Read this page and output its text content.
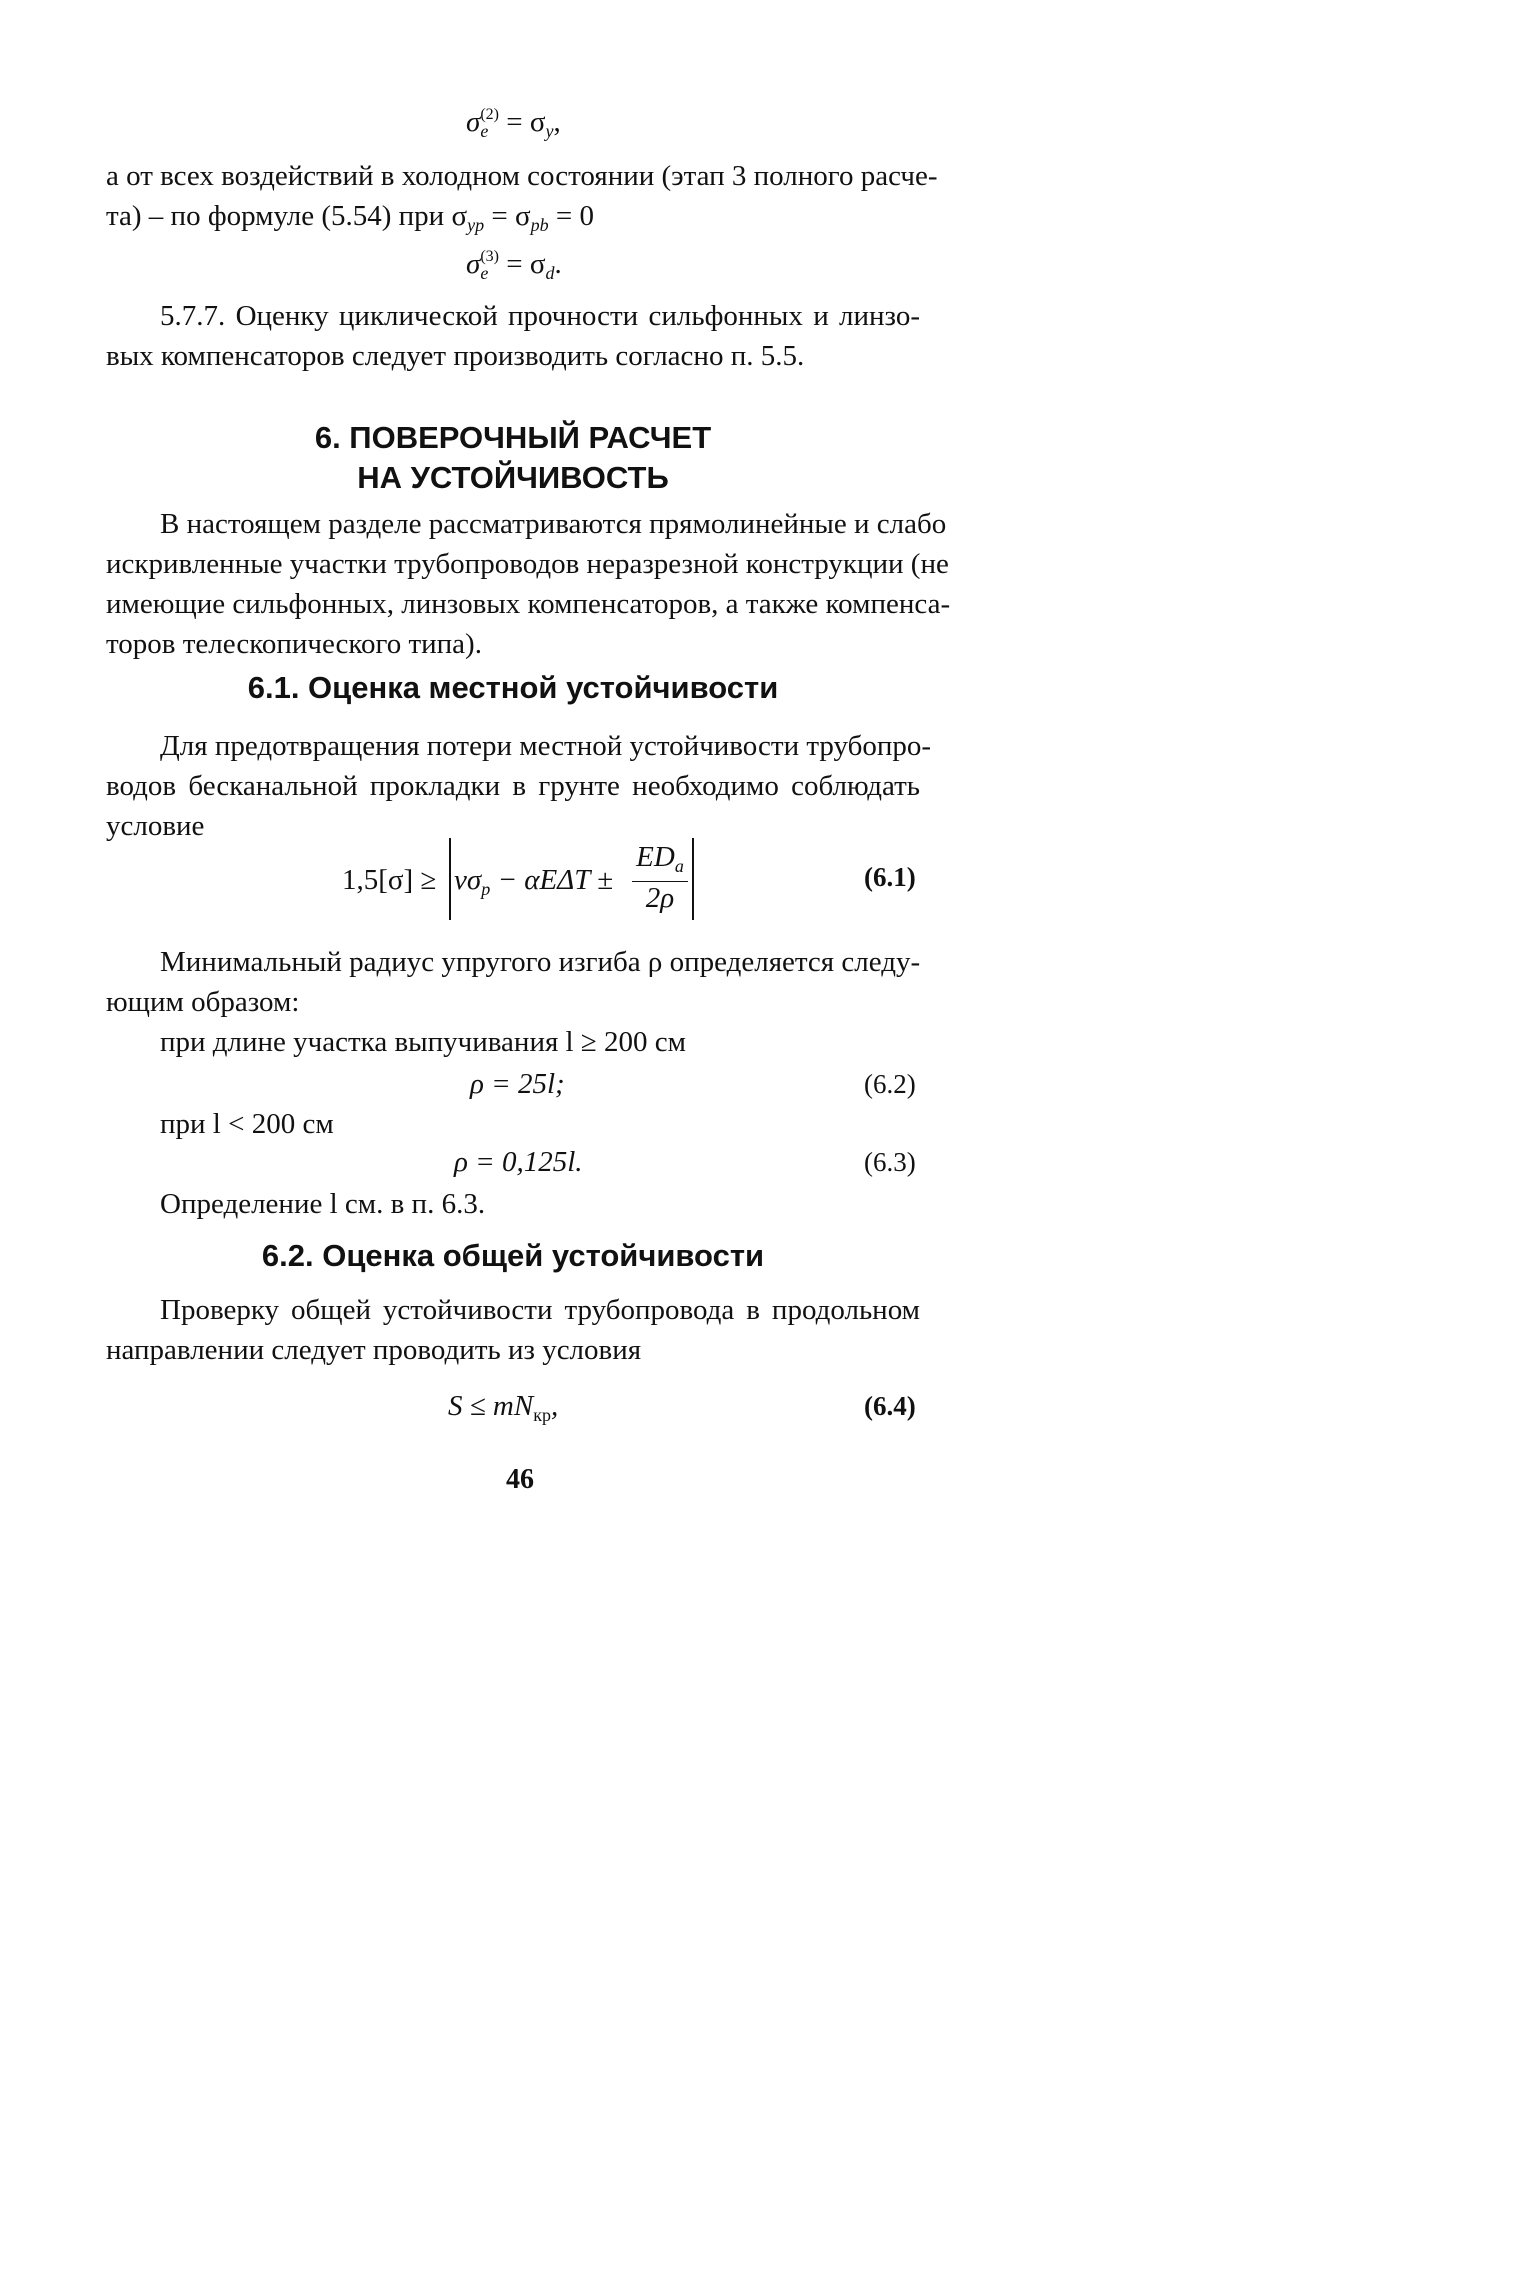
$\sigma_e^{(2)} = \sigma_y$,
а от всех воздействий в холодном состоянии (этап 3 полного расче-
та) – по формуле (5.54) при $\sigma_{yp} = \sigma_{pb} = 0$
$\sigma_e^{(3)} = \sigma_d$.
5.7.7. Оценку циклической прочности сильфонных и линзо-
вых компенсаторов следует производить согласно п. 5.5.
6. ПОВЕРОЧНЫЙ РАСЧЕТ
НА УСТОЙЧИВОСТЬ
В настоящем разделе рассматриваются прямолинейные и слабо
искривленные участки трубопроводов неразрезной конструкции (не
имеющие сильфонных, линзовых компенсаторов, а также компенса-
торов телескопического типа).
6.1. Оценка местной устойчивости
Для предотвращения потери местной устойчивости трубопро-
водов бесканальной прокладки в грунте необходимо соблюдать
условие
$1,5[\sigma] \ge \nu\sigma_p - \alpha E\Delta T$ ±
$ED_a$
2ρ
(6.1)
Минимальный радиус упругого изгиба ρ определяется следу-
ющим образом:
при длине участка выпучивания l ≥ 200 см
ρ = 25l;	(6.2)
при l < 200 см
ρ = 0,125l.	(6.3)
Определение l см. в п. 6.3.
6.2. Оценка общей устойчивости
Проверку общей устойчивости трубопровода в продольном
направлении следует проводить из условия
$S \le mN_{кр}$,	(6.4)
46
